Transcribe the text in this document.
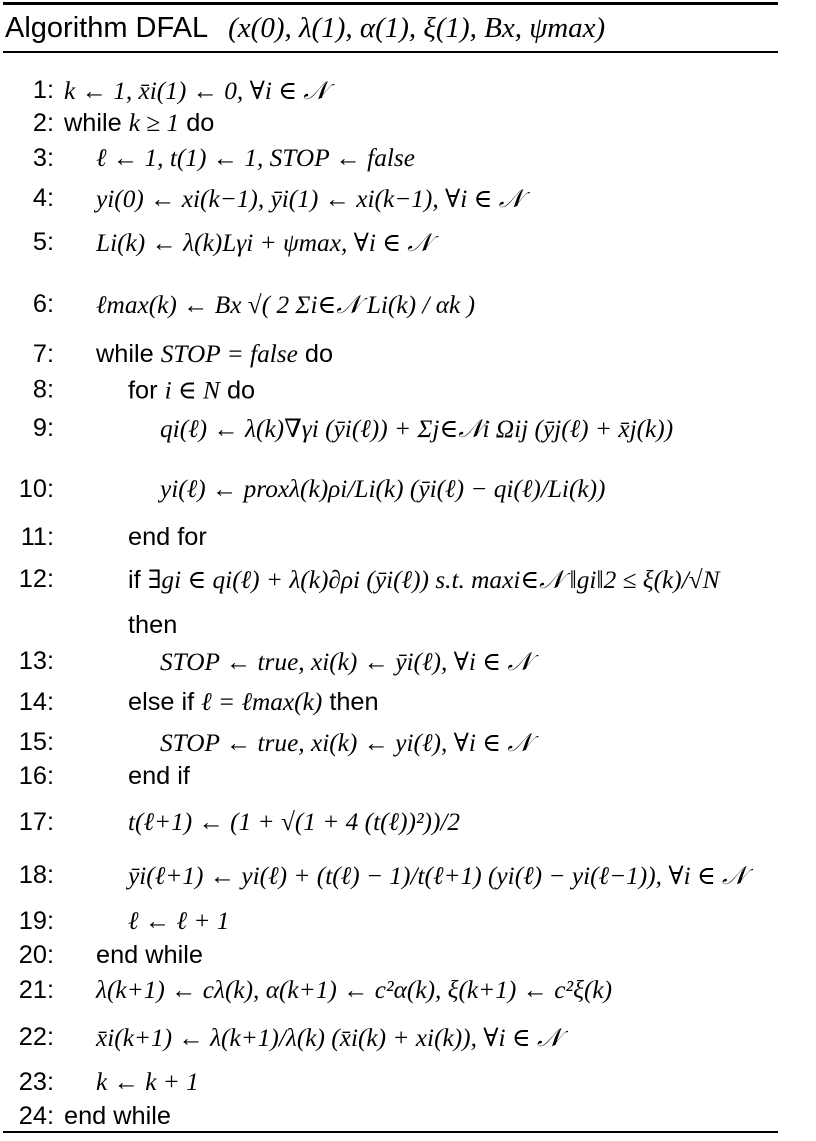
Algorithm DFAL (x(0), λ(1), α(1), ξ(1), Bx, ψmax)
1: k ← 1, x̄i(1) ← 0, ∀i ∈ 𝒩
2: while k ≥ 1 do
3: ℓ ← 1, t(1) ← 1, STOP ← false
4: yi(0) ← xi(k−1), ȳi(1) ← xi(k−1), ∀i ∈ 𝒩
5: Li(k) ← λ(k)Lγi + ψmax, ∀i ∈ 𝒩
6: ℓmax(k) ← Bx √( 2 Σi∈𝒩 Li(k) / αk )
7: while STOP = false do
8:	for i ∈ N do
9:	qi(ℓ) ← λ(k)∇γi (ȳi(ℓ)) + Σj∈𝒩i Ωij (ȳj(ℓ) + x̄j(k))
10:	yi(ℓ) ← proxλ(k)ρi/Li(k) (ȳi(ℓ) − qi(ℓ)/Li(k))
11:	end for
12:	if ∃gi ∈ qi(ℓ) + λ(k)∂ρi (ȳi(ℓ)) s.t. maxi∈𝒩 ‖gi‖2 ≤ ξ(k)/√N
then
13:	STOP ← true, xi(k) ← ȳi(ℓ), ∀i ∈ 𝒩
14:	else if ℓ = ℓmax(k) then
15:	STOP ← true, xi(k) ← yi(ℓ), ∀i ∈ 𝒩
16:	end if
17:	t(ℓ+1) ← (1 + √(1 + 4 (t(ℓ))²))/2
18:	ȳi(ℓ+1) ← yi(ℓ) + (t(ℓ) − 1)/t(ℓ+1) (yi(ℓ) − yi(ℓ−1)), ∀i ∈ 𝒩
19:	ℓ ← ℓ + 1
20: end while
21: λ(k+1) ← cλ(k), α(k+1) ← c²α(k), ξ(k+1) ← c²ξ(k)
22: x̄i(k+1) ← λ(k+1)/λ(k) (x̄i(k) + xi(k)), ∀i ∈ 𝒩
23: k ← k + 1
24: end while
